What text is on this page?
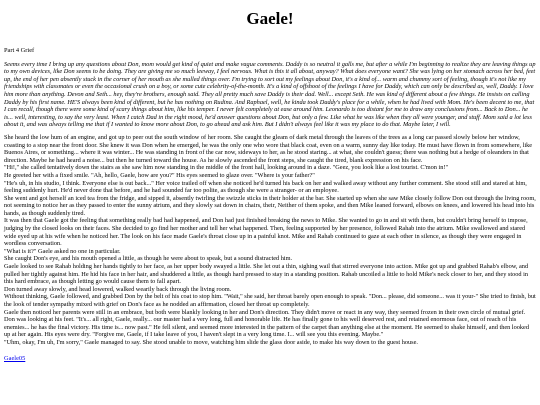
Gaele!
Part 4 Grief
Seems every time I bring up any questions about Don, mom would get kind of quiet and make vague comments. Daddy is so neutral it galls me, but after a while I'm beginning to realize they are leaving things up to my own devices, like Don seems to be doing. They are giving me so much leeway, I feel nervous. What is this it all about, anyway? What does everyone want? She was lying on her stomach across her bed, feet up, the end of her pen absently stuck in the corner of her mouth as she mulled things over. I'm trying to sort out my feelings about Don, it's a kind of... warm and chummy sort of feeling, though it's not like my friendships with classmates or even the occasional crush on a boy, or some cute celebrity-of-the-month. It's a kind of offshoot of the feelings I have for Daddy, which can only be described as, well, Daddy. I love him more than anything. Devon and Seth... hey, they're brothers, enough said. They all pretty much save Daddy is their dad. Well... except Seth. He was kind of different about a few things. He insists on calling Daddy by his first name. HE'S always been kind of different, but he has nothing on Rudina. And Raphael, well, he kinda took Daddy's place for a while, when he had lived with Mom. He's been decent to me, that I can recall, though there were some kind of scary things about him, like his temper. I never felt completely at ease around him. Leonardo is too distant for me to draw any conclusions from... Back to Don... he is... well, interesting, to say the very least. When I catch Dad in the right mood, he'd answer questions about Don, but only a few. Like what he was like when they all were younger, and stuff. Mom said a lot less about it, and was always telling me that if I wanted to know more about Don, to go ahead and ask him. But I didn't always feel like it was my place to do that. Maybe later, I will.

She heard the low hum of an engine, and got up to peer out the south window of her room. She caught the gleam of dark metal through the leaves of the trees as a long car passed slowly below her window, coasting to a stop near the front door. She knew it was Don when he emerged, he was the only one who wore that black coat, even on a warm, sunny day like today. He must have flown in from somewhere, like Buenos Aires, or something... where it was winter... He was standing in front of the car now, sideways to her, as he stood staring... at what, she couldn't guess; there was nothing but a hedge of oleanders in that direction. Maybe he had heard a noise... but then he turned toward the house. As he slowly ascended the front steps, she caught the tired, blank expression on his face.

"Hi!," she called tentatively down the stairs as she saw him now standing in the middle of the front hall, looking around in a daze. "Geez, you look like a lost tourist. C'mon in!"

He greeted her with a fixed smile. "Ah, hello, Gaele, how are you?" His eyes seemed to glaze over. "Where is your father?"

"He's uh, in his studio, I think. Everyone else is out back..." Her voice trailed off when she noticed he'd turned his back on her and walked away without any further comment. She stood still and stared at him, feeling suddenly hurt. He'd never done that before, and he had sounded far too polite, as though she were a stranger- or an employee.

She went and got herself an iced tea from the fridge, and sipped it, absently twirling the swizzle sticks in their holder at the bar. She started up when she saw Mike closely follow Don out through the living room, not seeming to notice her as they passed to enter the sunny atrium, and they slowly sat down in chairs, their, Neither of them spoke, and then Mike leaned forward, elbows on knees, and lowered his head into his hands, as though suddenly tired.

It was then that Gaele got the feeling that something really bad had happened, and Don had just finished breaking the news to Mike. She wanted to go in and sit with them, but couldn't bring herself to impose, judging by the closed looks on their faces. She decided to go find her mother and tell her what happened. Then, feeling supported by her presence, followed Rahab into the atrium. Mike swallowed and stared wide eyed up at his wife when he noticed her. The look on his face made Gaele's throat close up in a painful knot. Mike and Rahab continued to gaze at each other in silence, as though they were engaged in wordless conversation.

"What is it?" Gaele asked no one in particular.

She caught Don's eye, and his mouth opened a little, as though he were about to speak, but a sound distracted him.

Gaele looked to see Rahab holding her hands tightly to her face, as her upper body swayed a little. She let out a thin, sighing wail that stirred everyone into action. Mike got up and grabbed Rahab's elbow, and pulled her tightly against him. He hid his face in her hair, and shuddered a little, as though hard pressed to stay in a standing position. Rahab uncoiled a little to hold Mike's neck closer to her, and they stood in this hard embrace, as though letting go would cause them to fall apart.

Don turned away slowly, and head lowered, walked wearily back through the living room.

Without thinking, Gaele followed, and grabbed Don by the belt of his coat to stop him. "Wait," she said, her throat barely open enough to speak. "Don... please, did someone... was it your-" She tried to finish, but the look of tender sympathy mixed with grief on Don's face as he nodded an affirmation, closed her throat up completely.

Gaele then noticed her parents were still in an embrace, but both were blankly looking in her and Don's direction. They didn't move or react in any way, they seemed frozen in their own circle of mutual grief.

Don was looking at his feet. "It's... all right, Gaele, really... our master had a very long, full and honorable life. He has finally gone to his well deserved rest, and retained enormous face, out of reach of his enemies... he has the final victory. His time is... now past." He fell silent, and seemed more interested in the pattern of the carpet than anything else at the moment. He seemed to shake himself, and then looked up at her again. His eyes were dry. "Forgive me, Gaele, if I take leave of you, I haven't slept in a very long time. I... will see you this evening. Maybe."

"Uhm, okay, I'm uh, I'm sorry," Gaele managed to say. She stood unable to move, watching him slide the glass door aside, to make his way down to the guest house.

Gaele05
